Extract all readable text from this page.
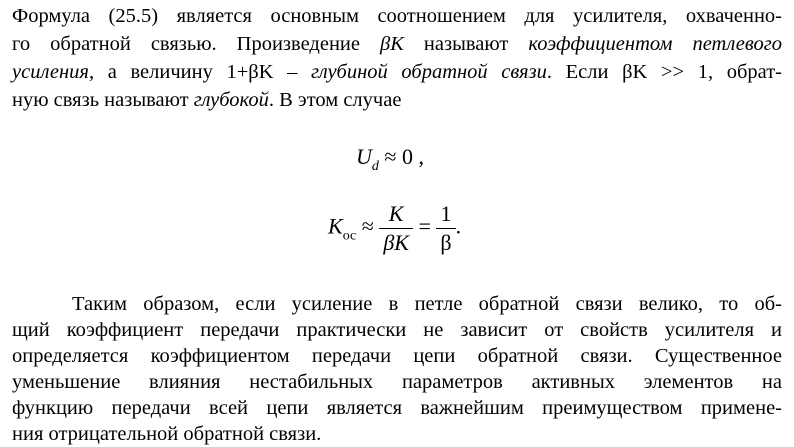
Формула (25.5) является основным соотношением для усилителя, охваченно-
го обратной связью. Произведение βK называют коэффициентом петлевого
усиления, а величину 1+βK – глубиной обратной связи. Если βK >> 1, обрат-
ную связь называют глубокой. В этом случае
$U_d \approx 0$ ,
$K_{ос} \approx \frac{K}{\beta K} = \frac{1}{\beta}$ .
Таким образом, если усиление в петле обратной связи велико, то об-
щий коэффициент передачи практически не зависит от свойств усилителя и
определяется коэффициентом передачи цепи обратной связи. Существенное
уменьшение влияния нестабильных параметров активных элементов на
функцию передачи всей цепи является важнейшим преимуществом примене-
ния отрицательной обратной связи.
